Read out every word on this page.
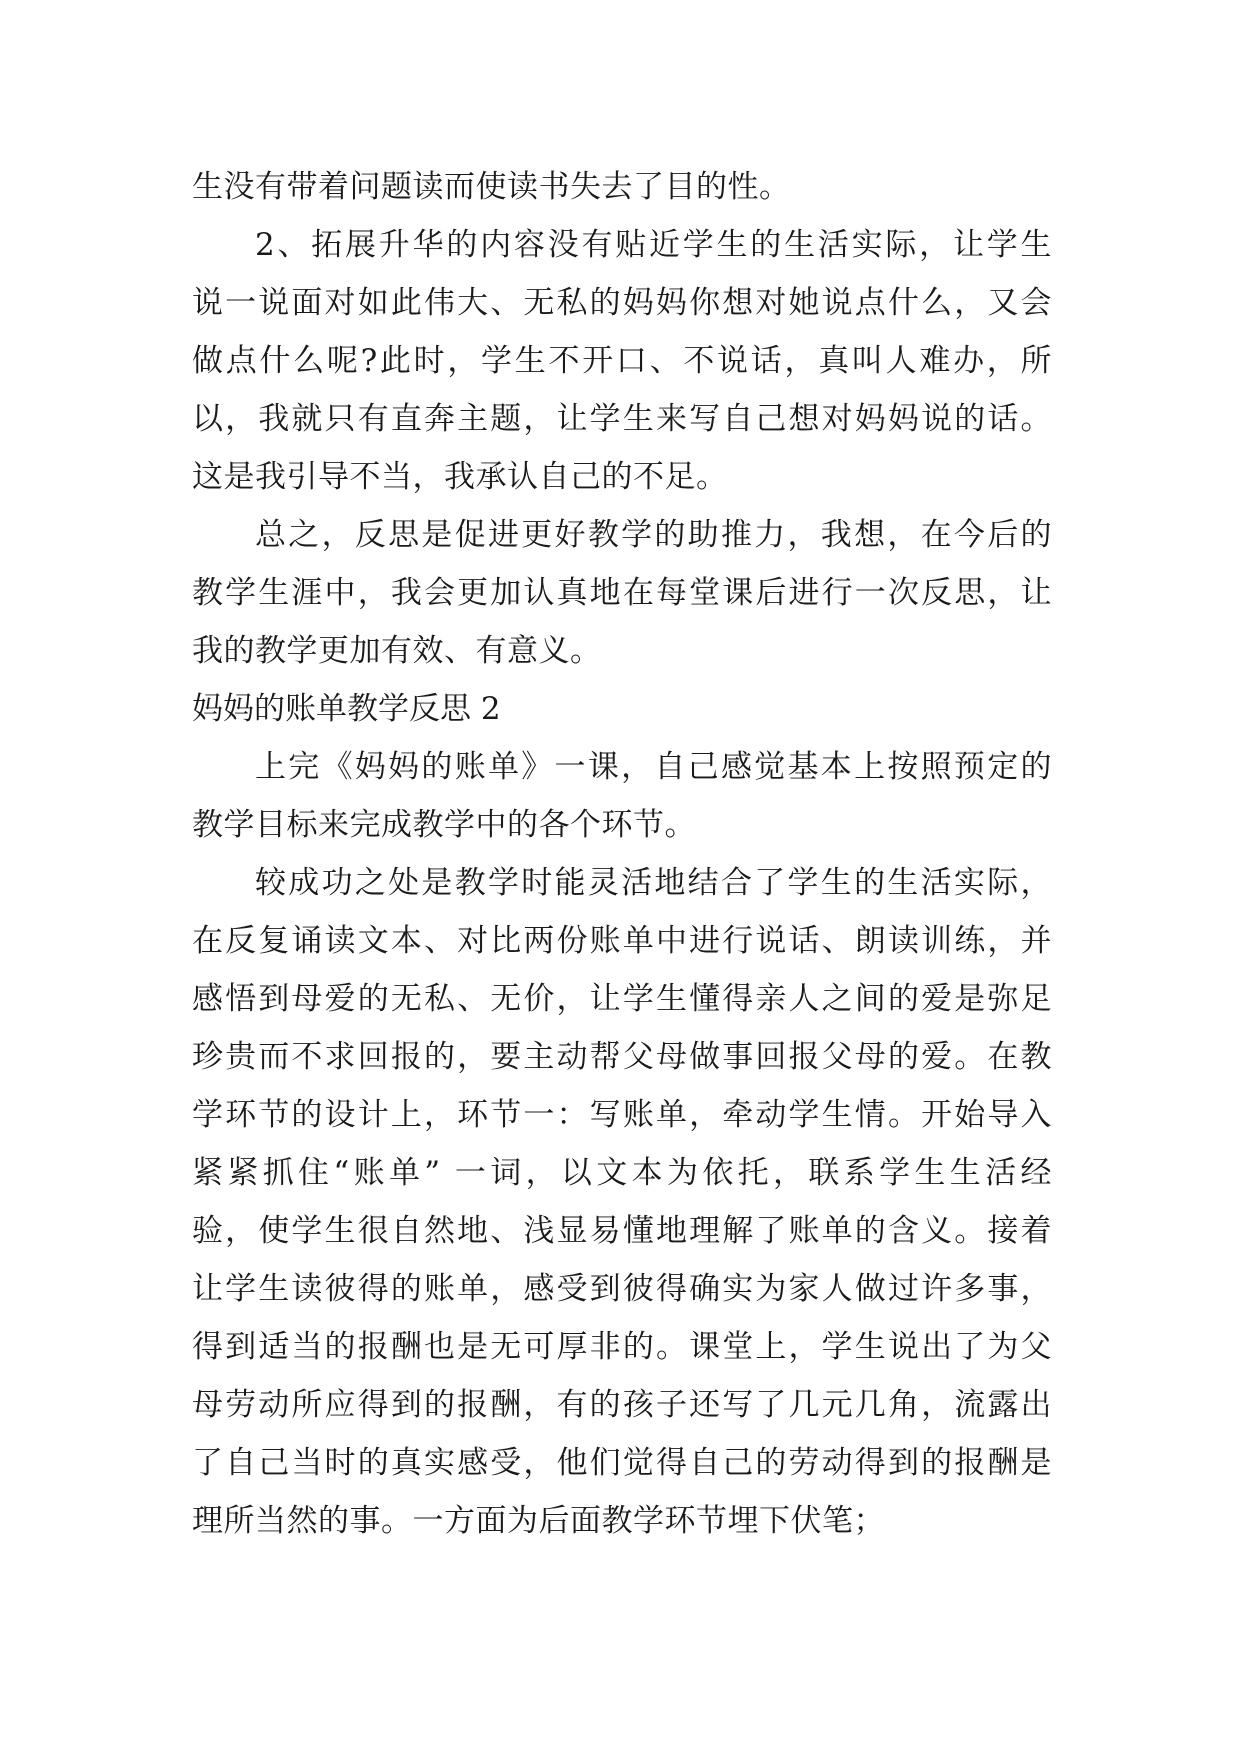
生没有带着问题读而使读书失去了目的性。

2、拓展升华的内容没有贴近学生的生活实际，让学生

说一说面对如此伟大、无私的妈妈你想对她说点什么，又会

做点什么呢?此时，学生不开口、不说话，真叫人难办，所

以，我就只有直奔主题，让学生来写自己想对妈妈说的话。

这是我引导不当，我承认自己的不足。

总之，反思是促进更好教学的助推力，我想，在今后的

教学生涯中，我会更加认真地在每堂课后进行一次反思，让

我的教学更加有效、有意义。

妈妈的账单教学反思 2

上完《妈妈的账单》一课，自己感觉基本上按照预定的

教学目标来完成教学中的各个环节。

较成功之处是教学时能灵活地结合了学生的生活实际，

在反复诵读文本、对比两份账单中进行说话、朗读训练，并

感悟到母爱的无私、无价，让学生懂得亲人之间的爱是弥足

珍贵而不求回报的，要主动帮父母做事回报父母的爱。在教

学环节的设计上，环节一：写账单，牵动学生情。开始导入

紧紧抓住“账单” 一词，以文本为依托，联系学生生活经

验，使学生很自然地、浅显易懂地理解了账单的含义。接着

让学生读彼得的账单，感受到彼得确实为家人做过许多事，

得到适当的报酬也是无可厚非的。课堂上，学生说出了为父

母劳动所应得到的报酬，有的孩子还写了几元几角，流露出

了自己当时的真实感受，他们觉得自己的劳动得到的报酬是

理所当然的事。一方面为后面教学环节埋下伏笔；
